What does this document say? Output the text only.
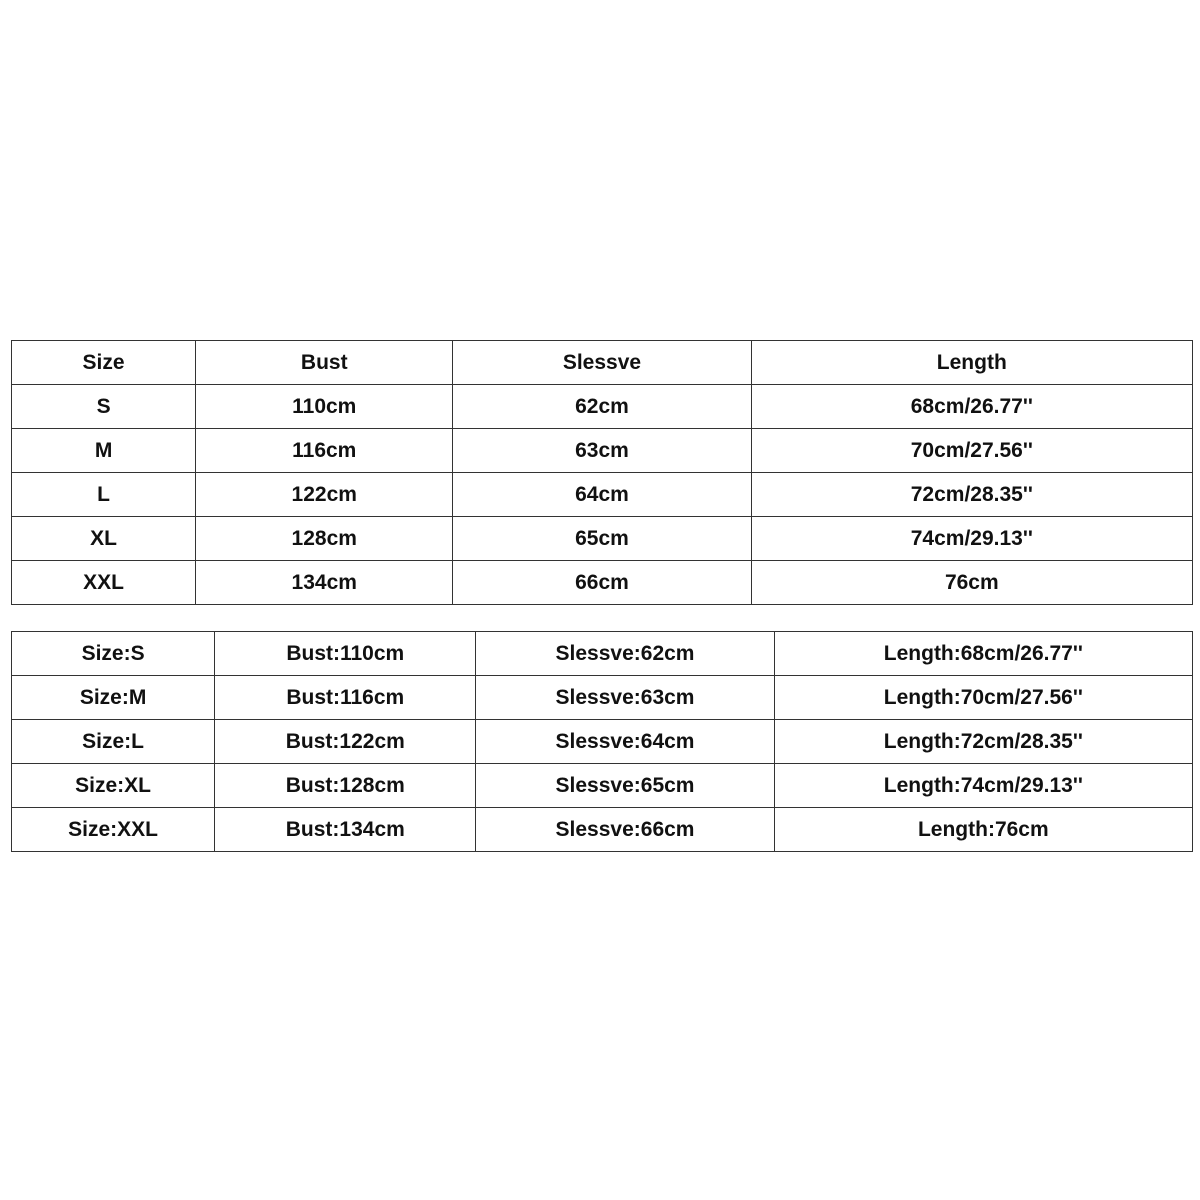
Size	Bust	Slessve	Length
S	110cm	62cm	68cm/26.77''
M	116cm	63cm	70cm/27.56''
L	122cm	64cm	72cm/28.35''
XL	128cm	65cm	74cm/29.13''
XXL	134cm	66cm	76cm
Size:S	Bust:110cm	Slessve:62cm	Length:68cm/26.77''
Size:M	Bust:116cm	Slessve:63cm	Length:70cm/27.56''
Size:L	Bust:122cm	Slessve:64cm	Length:72cm/28.35''
Size:XL	Bust:128cm	Slessve:65cm	Length:74cm/29.13''
Size:XXL	Bust:134cm	Slessve:66cm	Length:76cm
